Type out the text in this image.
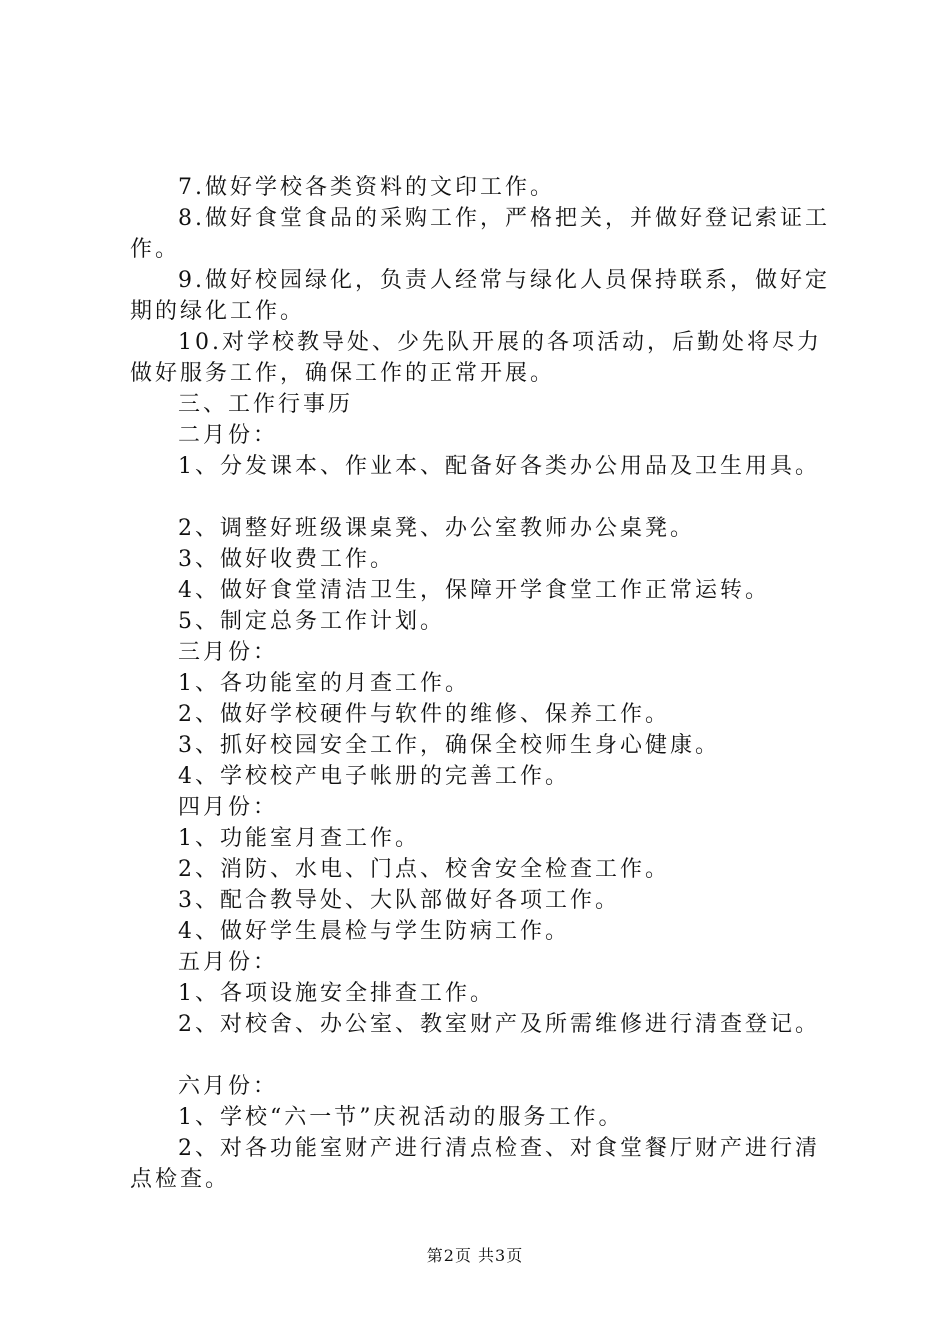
7.做好学校各类资料的文印工作。

8.做好食堂食品的采购工作，严格把关，并做好登记索证工作。

9.做好校园绿化，负责人经常与绿化人员保持联系，做好定期的绿化工作。

10.对学校教导处、少先队开展的各项活动，后勤处将尽力做好服务工作，确保工作的正常开展。

三、工作行事历

二月份：

1、分发课本、作业本、配备好各类办公用品及卫生用具。

2、调整好班级课桌凳、办公室教师办公桌凳。

3、做好收费工作。

4、做好食堂清洁卫生，保障开学食堂工作正常运转。

5、制定总务工作计划。

三月份：

1、各功能室的月查工作。

2、做好学校硬件与软件的维修、保养工作。

3、抓好校园安全工作，确保全校师生身心健康。

4、学校校产电子帐册的完善工作。

四月份：

1、功能室月查工作。

2、消防、水电、门点、校舍安全检查工作。

3、配合教导处、大队部做好各项工作。

4、做好学生晨检与学生防病工作。

五月份：

1、各项设施安全排查工作。

2、对校舍、办公室、教室财产及所需维修进行清查登记。

六月份：

1、学校“六一节”庆祝活动的服务工作。

2、对各功能室财产进行清点检查、对食堂餐厅财产进行清点检查。

第2页 共3页
